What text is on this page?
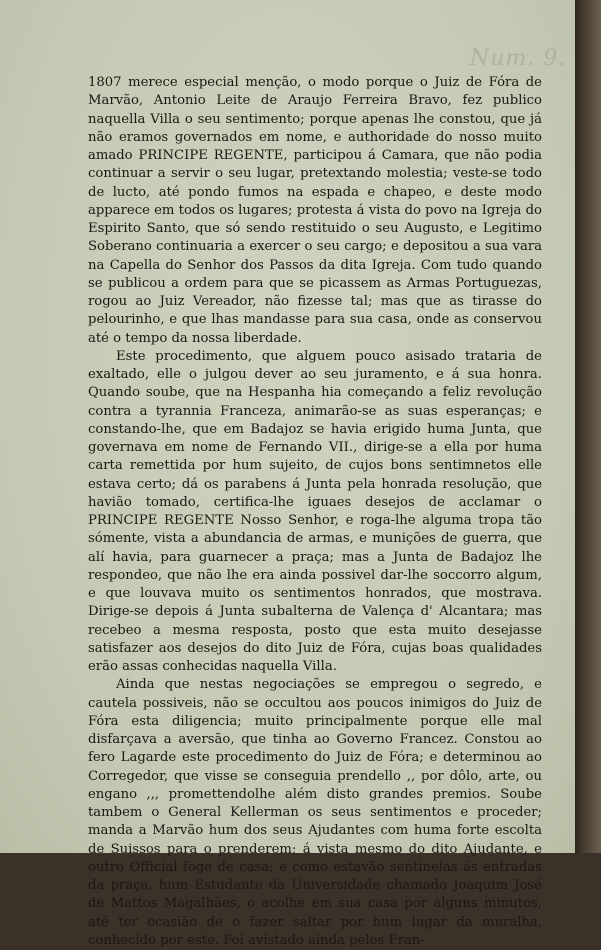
Num. 9.

1807 merece especial menção, o modo porque o Juiz de Fóra de Marvão, Antonio Leite de Araujo Ferreira Bravo, fez publico naquella Villa o seu sentimento; porque apenas lhe constou, que já não eramos governados em nome, e authoridade do nosso muito amado PRINCIPE REGENTE, participou á Camara, que não podia continuar a servir o seu lugar, pretextando molestia; veste-se todo de lucto, até pondo fumos na espada e chapeo, e deste modo apparece em todos os lugares; protesta á vista do povo na Igreja do Espirito Santo, que só sendo restituido o seu Augusto, e Legitimo Soberano continuaria a exercer o seu cargo; e depositou a sua vara na Capella do Senhor dos Passos da dita Igreja. Com tudo quando se publicou a ordem para que se picassem as Armas Portuguezas, rogou ao Juiz Vereador, não fizesse tal; mas que as tirasse do pelourinho, e que lhas mandasse para sua casa, onde as conservou até o tempo da nossa liberdade.

Este procedimento, que alguem pouco asisado trataria de exaltado, elle o julgou dever ao seu juramento, e á sua honra. Quando soube, que na Hespanha hia começando a feliz revolução contra a tyrannia Franceza, animarão-se as suas esperanças; e constando-lhe, que em Badajoz se havia erigido huma Junta, que governava em nome de Fernando VII., dirige-se a ella por huma carta remettida por hum sujeito, de cujos bons sentimnetos elle estava certo; dá os parabens á Junta pela honrada resolução, que havião tomado, certifica-lhe iguaes desejos de acclamar o PRINCIPE REGENTE Nosso Senhor, e roga-lhe alguma tropa tão sómente, vista a abundancia de armas, e munições de guerra, que alí havia, para guarnecer a praça; mas a Junta de Badajoz lhe respondeo, que não lhe era ainda possivel dar-lhe soccorro algum, e que louvava muito os sentimentos honrados, que mostrava. Dirige-se depois á Junta subalterna de Valença d' Alcantara; mas recebeo a mesma resposta, posto que esta muito desejasse satisfazer aos desejos do dito Juiz de Fóra, cujas boas qualidades erão assas conhecidas naquella Villa.

Ainda que nestas negociações se empregou o segredo, e cautela possiveis, não se occultou aos poucos inimigos do Juiz de Fóra esta diligencia; muito principalmente porque elle mal disfarçava a aversão, que tinha ao Governo Francez. Constou ao fero Lagarde este procedimento do Juiz de Fóra; e determinou ao Corregedor, que visse se conseguia prendello ,, por dôlo, arte, ou engano ,,, promettendolhe além disto grandes premios. Soube tambem o General Kellerman os seus sentimentos e proceder; manda a Marvão hum dos seus Ajudantes com huma forte escolta de Suissos para o prenderem; á vista mesmo do dito Ajudante, e outro Official foge de casa; e como estavão sentinelas ás entradas da praça, hum Estudante da Universidade chamado Joaquim José de Mattos Magalhães, o acolhe em sua casa por alguns minutos, até ter ocasião de o fazer saltar por hum lugar da muralha, conhecido por este. Foi avistado ainda pelos Fran-
